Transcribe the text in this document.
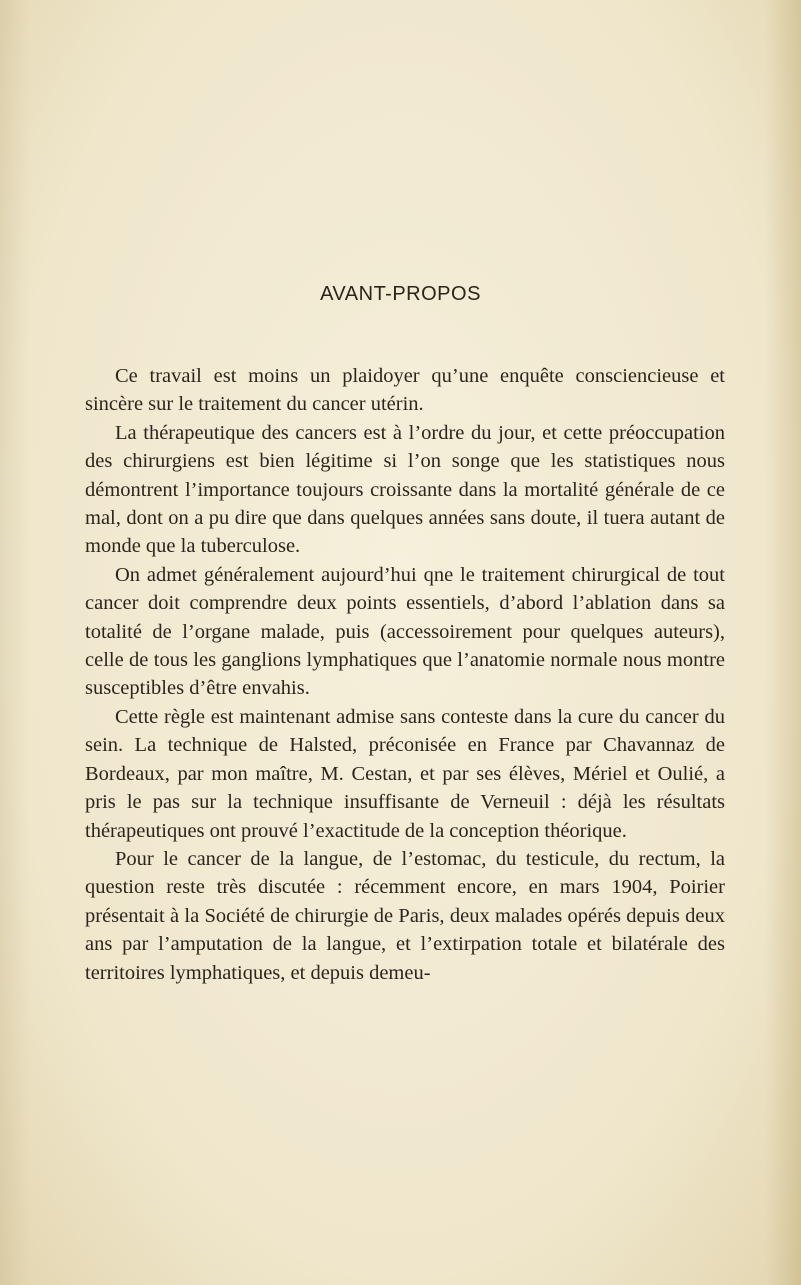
AVANT-PROPOS

Ce travail est moins un plaidoyer qu’une enquête consciencieuse et sincère sur le traitement du cancer utérin.

La thérapeutique des cancers est à l’ordre du jour, et cette préoccupation des chirurgiens est bien légitime si l’on songe que les statistiques nous démontrent l’importance toujours croissante dans la mortalité générale de ce mal, dont on a pu dire que dans quelques années sans doute, il tuera autant de monde que la tuberculose.

On admet généralement aujourd’hui qne le traitement chirurgical de tout cancer doit comprendre deux points essentiels, d’abord l’ablation dans sa totalité de l’organe malade, puis (accessoirement pour quelques auteurs), celle de tous les ganglions lymphatiques que l’anatomie normale nous montre susceptibles d’être envahis.

Cette règle est maintenant admise sans conteste dans la cure du cancer du sein. La technique de Halsted, préconisée en France par Chavannaz de Bordeaux, par mon maître, M. Cestan, et par ses élèves, Mériel et Oulié, a pris le pas sur la technique insuffisante de Verneuil : déjà les résultats thérapeutiques ont prouvé l’exactitude de la conception théorique.

Pour le cancer de la langue, de l’estomac, du testicule, du rectum, la question reste très discutée : récemment encore, en mars 1904, Poirier présentait à la Société de chirurgie de Paris, deux malades opérés depuis deux ans par l’amputation de la langue, et l’extirpation totale et bilatérale des territoires lymphatiques, et depuis demeu-
